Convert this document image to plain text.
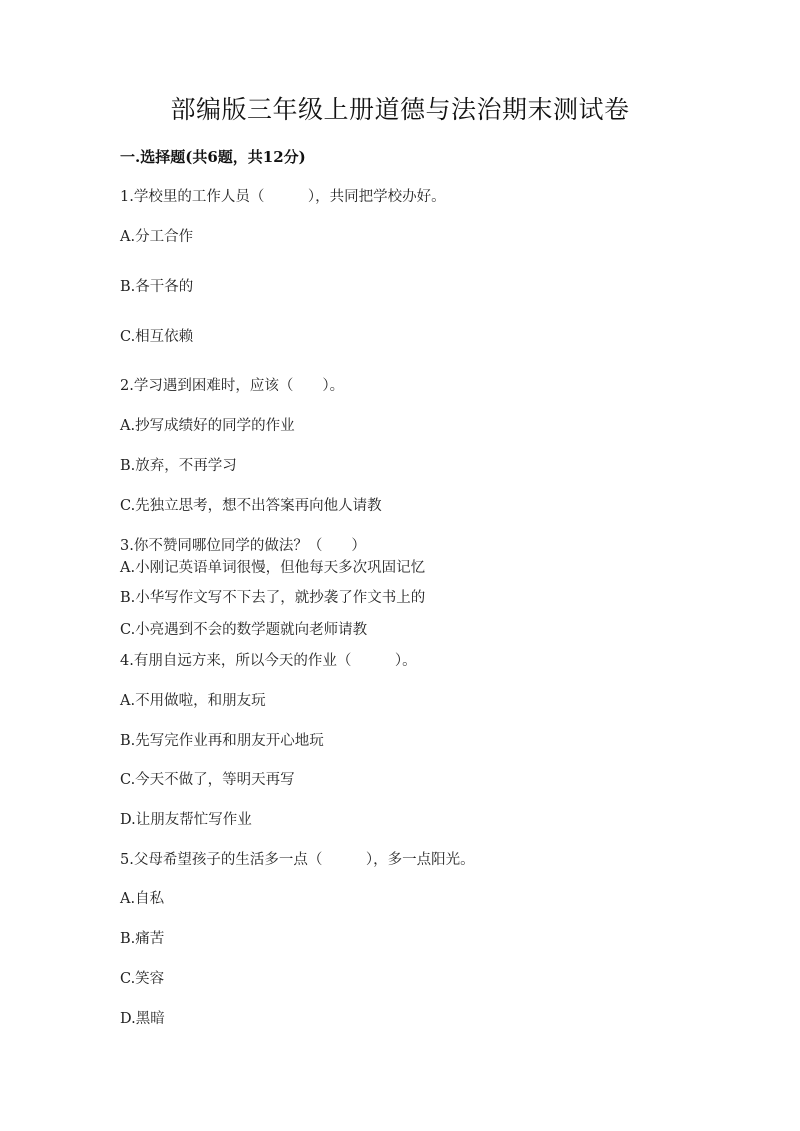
部编版三年级上册道德与法治期末测试卷
一.选择题(共6题，共12分)
1.学校里的工作人员（　　　），共同把学校办好。
A.分工合作
B.各干各的
C.相互依赖
2.学习遇到困难时，应该（　　）。
A.抄写成绩好的同学的作业
B.放弃，不再学习
C.先独立思考，想不出答案再向他人请教
3.你不赞同哪位同学的做法？（　　）
A.小刚记英语单词很慢，但他每天多次巩固记忆
B.小华写作文写不下去了，就抄袭了作文书上的
C.小亮遇到不会的数学题就向老师请教
4.有朋自远方来，所以今天的作业（　　　）。
A.不用做啦，和朋友玩
B.先写完作业再和朋友开心地玩
C.今天不做了，等明天再写
D.让朋友帮忙写作业
5.父母希望孩子的生活多一点（　　　），多一点阳光。
A.自私
B.痛苦
C.笑容
D.黑暗
